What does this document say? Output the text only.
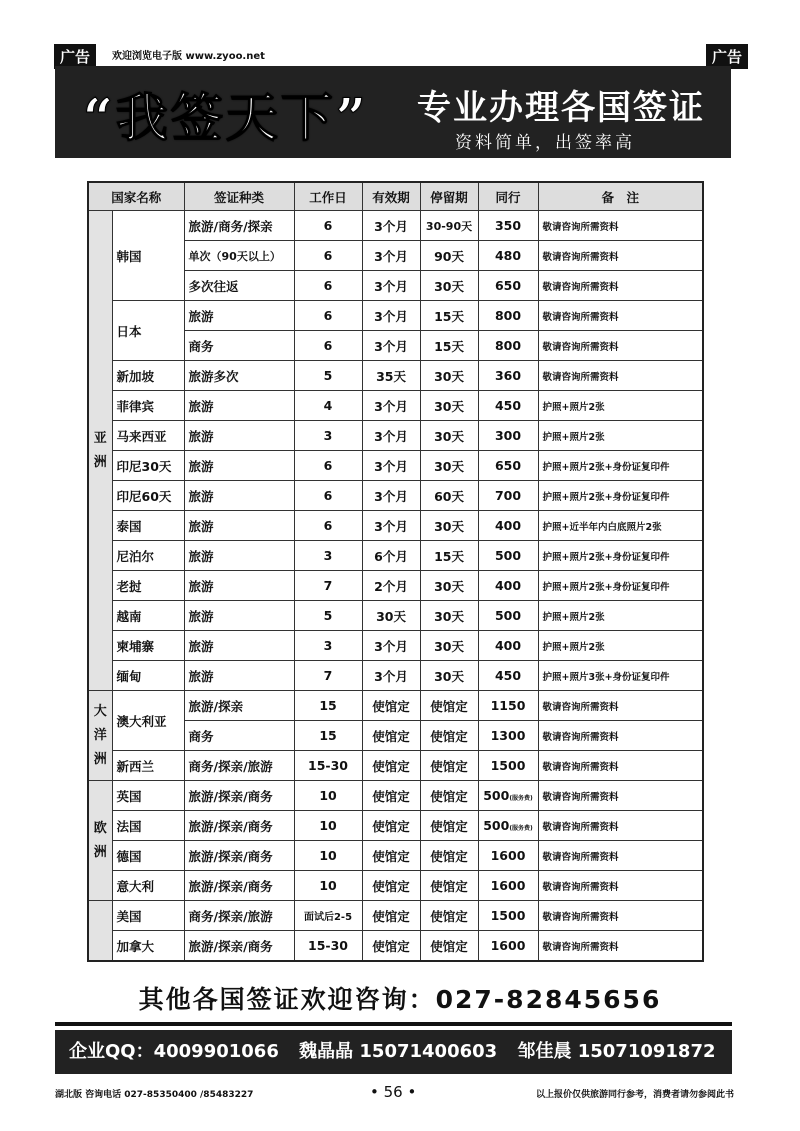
广告	欢迎浏览电子版 www.zyoo.net	广告
“我签天下” 专业办理各国签证
资料简单，出签率高
国家名称		签证种类	工作日	有效期	停留期	同行	备　注
亚 洲	韩国	旅游/商务/探亲	6	3个月	30-90天	350	敬请咨询所需资料
		单次（90天以上）	6	3个月	90天	480	敬请咨询所需资料
		多次往返	6	3个月	30天	650	敬请咨询所需资料
	日本	旅游	6	3个月	15天	800	敬请咨询所需资料
		商务	6	3个月	15天	800	敬请咨询所需资料
	新加坡	旅游多次	5	35天	30天	360	敬请咨询所需资料
	菲律宾	旅游	4	3个月	30天	450	护照+照片2张
	马来西亚	旅游	3	3个月	30天	300	护照+照片2张
	印尼30天	旅游	6	3个月	30天	650	护照+照片2张+身份证复印件
	印尼60天	旅游	6	3个月	60天	700	护照+照片2张+身份证复印件
	泰国	旅游	6	3个月	30天	400	护照+近半年内白底照片2张
	尼泊尔	旅游	3	6个月	15天	500	护照+照片2张+身份证复印件
	老挝	旅游	7	2个月	30天	400	护照+照片2张+身份证复印件
	越南	旅游	5	30天	30天	500	护照+照片2张
	柬埔寨	旅游	3	3个月	30天	400	护照+照片2张
	缅甸	旅游	7	3个月	30天	450	护照+照片3张+身份证复印件
大 洋 洲	澳大利亚	旅游/探亲	15	使馆定	使馆定	1150	敬请咨询所需资料
		商务	15	使馆定	使馆定	1300	敬请咨询所需资料
	新西兰	商务/探亲/旅游	15-30	使馆定	使馆定	1500	敬请咨询所需资料
欧 洲	英国	旅游/探亲/商务	10	使馆定	使馆定	500(服务费)	敬请咨询所需资料
	法国	旅游/探亲/商务	10	使馆定	使馆定	500(服务费)	敬请咨询所需资料
	德国	旅游/探亲/商务	10	使馆定	使馆定	1600	敬请咨询所需资料
	意大利	旅游/探亲/商务	10	使馆定	使馆定	1600	敬请咨询所需资料
	美国	商务/探亲/旅游	面试后2-5	使馆定	使馆定	1500	敬请咨询所需资料
	加拿大	旅游/探亲/商务	15-30	使馆定	使馆定	1600	敬请咨询所需资料
其他各国签证欢迎咨询：027-82845656
企业QQ：4009901066 魏晶晶 15071400603 邹佳晨 15071091872
湖北版 咨询电话 027-85350400 /85483227	• 56 •	以上报价仅供旅游同行参考，消费者请勿参阅此书
